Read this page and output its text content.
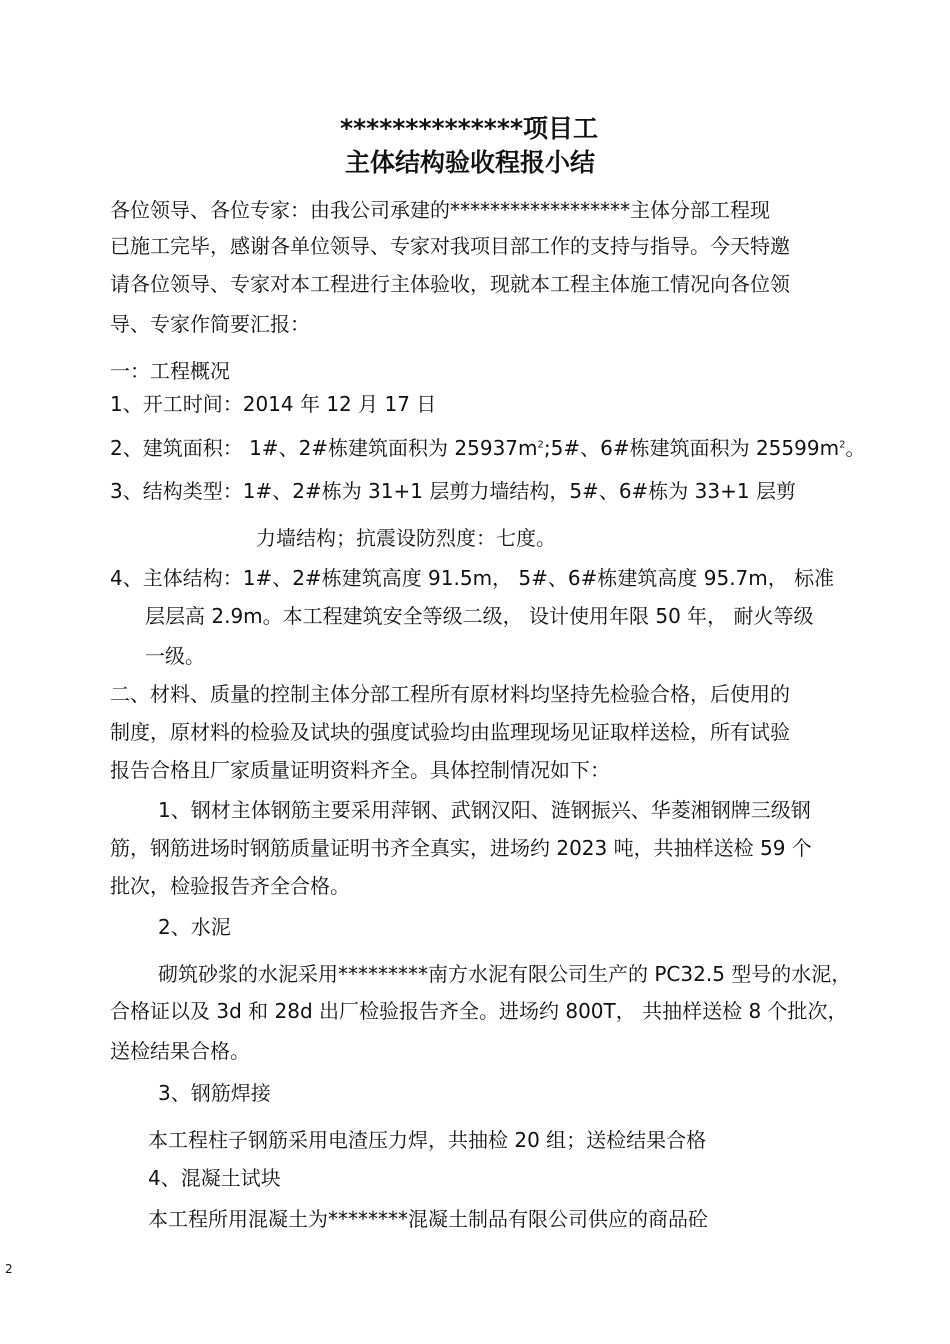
**************项目工
主体结构验收程报小结
各位领导、各位专家：由我公司承建的******************主体分部工程现
已施工完毕，感谢各单位领导、专家对我项目部工作的支持与指导。今天特邀
请各位领导、专家对本工程进行主体验收，现就本工程主体施工情况向各位领
导、专家作简要汇报：
一：工程概况
1、开工时间：2014 年 12 月 17 日
2、建筑面积： 1#、2#栋建筑面积为 $25937m^2;5\#$、6#栋建筑面积为 $25599m^2$。
3、结构类型：1#、2#栋为 31+1 层剪力墙结构，5#、6#栋为 33+1 层剪
力墙结构；抗震设防烈度：七度。
4、主体结构：1#、2#栋建筑高度 91.5m， 5#、6#栋建筑高度 95.7m， 标准
层层高 2.9m。本工程建筑安全等级二级， 设计使用年限 50 年， 耐火等级
一级。
二、材料、质量的控制主体分部工程所有原材料均坚持先检验合格，后使用的
制度，原材料的检验及试块的强度试验均由监理现场见证取样送检，所有试验
报告合格且厂家质量证明资料齐全。具体控制情况如下：
1、钢材主体钢筋主要采用萍钢、武钢汉阳、涟钢振兴、华菱湘钢牌三级钢
筋，钢筋进场时钢筋质量证明书齐全真实，进场约 2023 吨，共抽样送检 59 个
批次，检验报告齐全合格。
2、水泥
砌筑砂浆的水泥采用*********南方水泥有限公司生产的 PC32.5 型号的水泥，
合格证以及 3d 和 28d 出厂检验报告齐全。进场约 800T， 共抽样送检 8 个批次，
送检结果合格。
3、钢筋焊接
本工程柱子钢筋采用电渣压力焊，共抽检 20 组；送检结果合格
4、混凝土试块
本工程所用混凝土为********混凝土制品有限公司供应的商品砼
2
